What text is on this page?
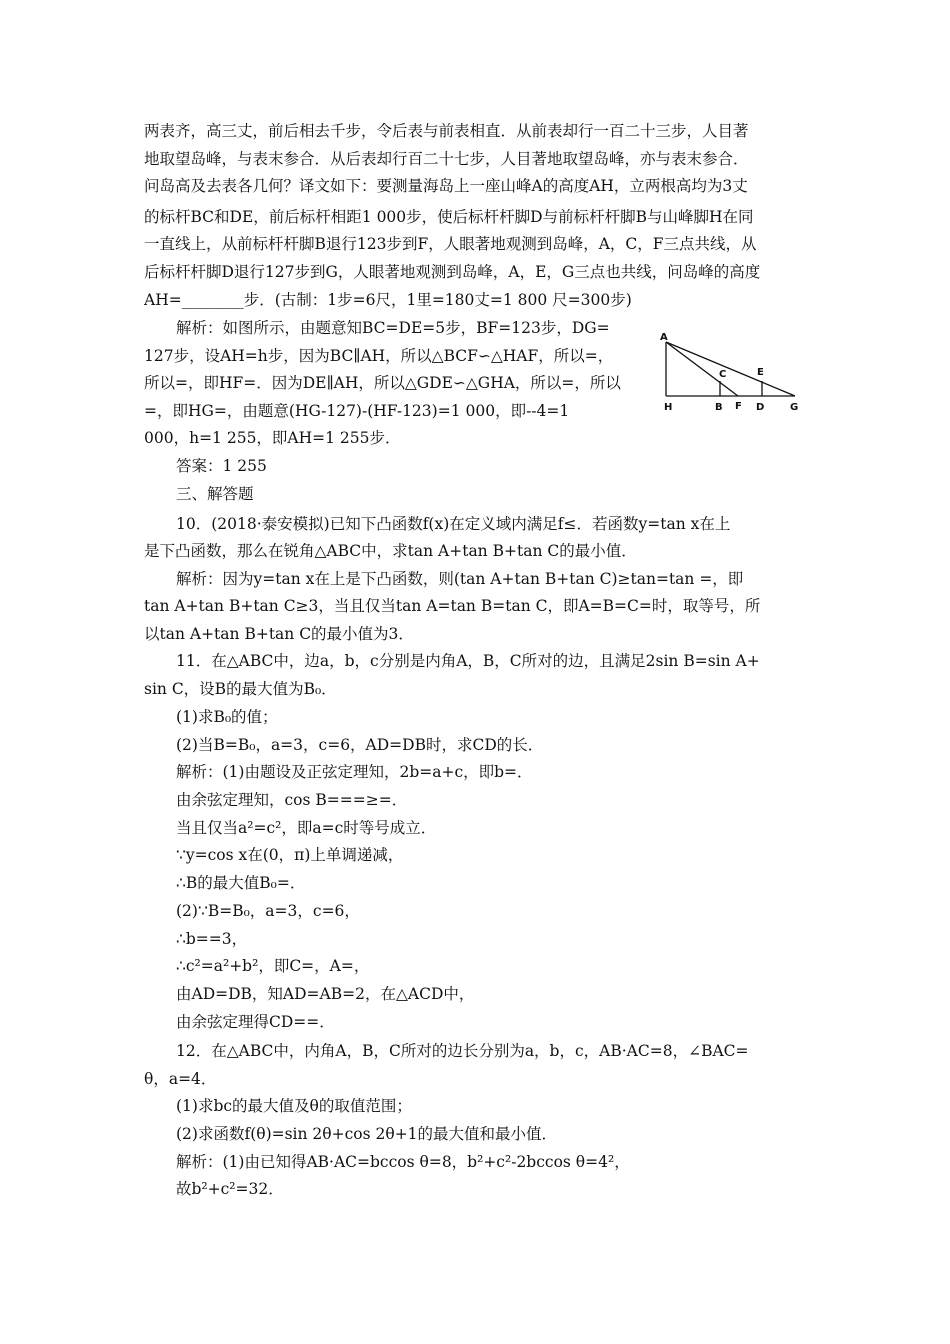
两表齐，高三丈，前后相去千步，令后表与前表相直．从前表却行一百二十三步，人目著
地取望岛峰，与表末参合．从后表却行百二十七步，人目著地取望岛峰，亦与表末参合．
问岛高及去表各几何？译文如下：要测量海岛上一座山峰A的高度AH，立两根高均为3丈
的标杆BC和DE，前后标杆相距1 000步，使后标杆杆脚D与前标杆杆脚B与山峰脚H在同
一直线上，从前标杆杆脚B退行123步到F，人眼著地观测到岛峰，A，C，F三点共线，从
后标杆杆脚D退行127步到G，人眼著地观测到岛峰，A，E，G三点也共线，问岛峰的高度
AH=________步．(古制：1步=6尺，1里=180丈=1 800 尺=300步)
解析：如图所示，由题意知BC=DE=5步，BF=123步，DG=
127步，设AH=h步，因为BC∥AH，所以△BCF∽△HAF，所以=，
所以=，即HF=．因为DE∥AH，所以△GDE∽△GHA，所以=，所以
=，即HG=，由题意(HG-127)-(HF-123)=1 000，即--4=1
000，h=1 255，即AH=1 255步．
A
C	E
H	B F D	G
答案：1 255
三、解答题
10．(2018·泰安模拟)已知下凸函数f(x)在定义域内满足f≤．若函数y=tan x在上
是下凸函数，那么在锐角△ABC中，求tan A+tan B+tan C的最小值．
解析：因为y=tan x在上是下凸函数，则(tan A+tan B+tan C)≥tan=tan =，即
tan A+tan B+tan C≥3，当且仅当tan A=tan B=tan C，即A=B=C=时，取等号，所
以tan A+tan B+tan C的最小值为3．
11．在△ABC中，边a，b，c分别是内角A，B，C所对的边，且满足2sin B=sin A+
sin C，设B的最大值为B₀．
(1)求B₀的值；
(2)当B=B₀，a=3，c=6，AD=DB时，求CD的长．
解析：(1)由题设及正弦定理知，2b=a+c，即b=．
由余弦定理知，cos B===≥=．
当且仅当a²=c²，即a=c时等号成立．
∵y=cos x在(0，π)上单调递减，
∴B的最大值B₀=．
(2)∵B=B₀，a=3，c=6，
∴b==3，
∴c²=a²+b²，即C=，A=，
由AD=DB，知AD=AB=2，在△ACD中，
由余弦定理得CD==．
12．在△ABC中，内角A，B，C所对的边长分别为a，b，c，AB·AC=8，∠BAC=
θ，a=4．
(1)求bc的最大值及θ的取值范围；
(2)求函数f(θ)=sin 2θ+cos 2θ+1的最大值和最小值．
解析：(1)由已知得AB·AC=bccos θ=8，b²+c²-2bccos θ=4²，
故b²+c²=32．
